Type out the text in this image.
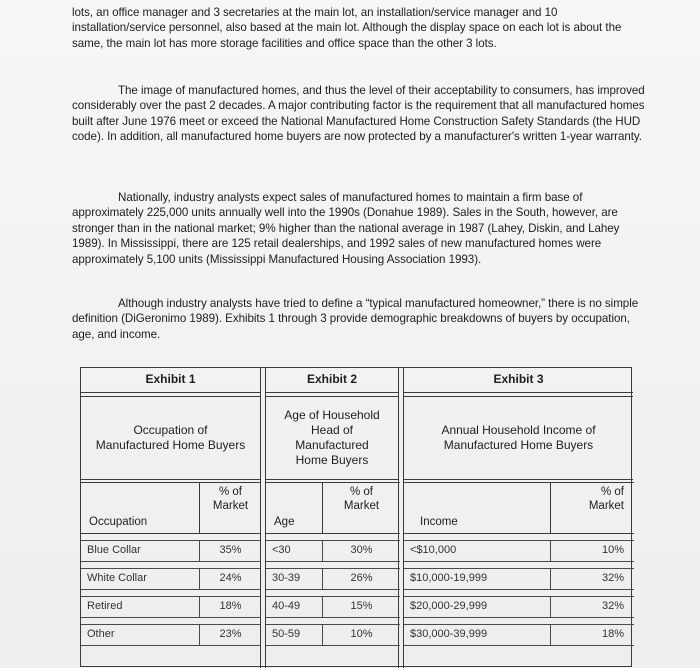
lots, an office manager and 3 secretaries at the main lot, an installation/service manager and 10 installation/service personnel, also based at the main lot. Although the display space on each lot is about the same, the main lot has more storage facilities and office space than the other 3 lots.

The image of manufactured homes, and thus the level of their acceptability to consumers, has improved considerably over the past 2 decades. A major contributing factor is the requirement that all manufactured homes built after June 1976 meet or exceed the National Manufactured Home Construction Safety Standards (the HUD code). In addition, all manufactured home buyers are now protected by a manufacturer's written 1-year warranty.

Nationally, industry analysts expect sales of manufactured homes to maintain a firm base of approximately 225,000 units annually well into the 1990s (Donahue 1989). Sales in the South, however, are stronger than in the national market; 9% higher than the national average in 1987 (Lahey, Diskin, and Lahey 1989). In Mississippi, there are 125 retail dealerships, and 1992 sales of new manufactured homes were approximately 5,100 units (Mississippi Manufactured Housing Association 1993).

Although industry analysts have tried to define a “typical manufactured homeowner,” there is no simple definition (DiGeronimo 1989). Exhibits 1 through 3 provide demographic breakdowns of buyers by occupation, age, and income.

Exhibit 1
Occupation of
Manufactured Home Buyers
Occupation
% of
Market
Blue Collar	35%
White Collar	24%
Retired	18%
Other	23%
Exhibit 2
Age of Household
Head of
Manufactured
Home Buyers
Age
% of
Market
<30	30%
30-39	26%
40-49	15%
50-59	10%
Exhibit 3
Annual Household Income of
Manufactured Home Buyers
Income
% of
Market
<$10,000	10%
$10,000-19,999	32%
$20,000-29,999	32%
$30,000-39,999	18%
